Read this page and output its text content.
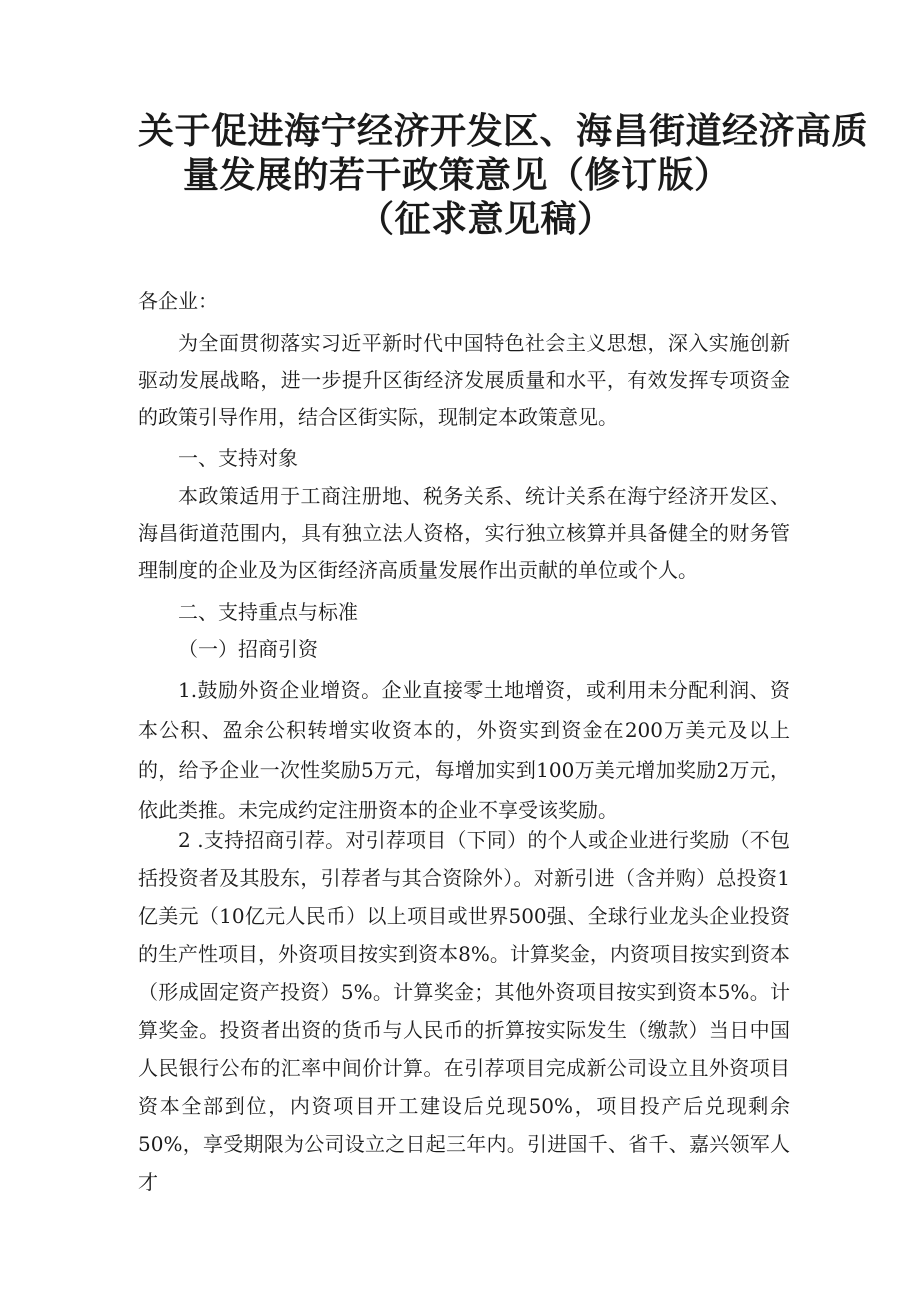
关于促进海宁经济开发区、海昌街道经济高质
量发展的若干政策意见（修订版）
（征求意见稿）

各企业：

为全面贯彻落实习近平新时代中国特色社会主义思想，深入实施创新驱动发展战略，进一步提升区街经济发展质量和水平，有效发挥专项资金的政策引导作用，结合区街实际，现制定本政策意见。

一、支持对象

本政策适用于工商注册地、税务关系、统计关系在海宁经济开发区、海昌街道范围内，具有独立法人资格，实行独立核算并具备健全的财务管理制度的企业及为区街经济高质量发展作出贡献的单位或个人。

二、支持重点与标准

（一）招商引资

1.鼓励外资企业增资。企业直接零土地增资，或利用未分配利润、资本公积、盈余公积转增实收资本的，外资实到资金在200万美元及以上的，给予企业一次性奖励5万元，每增加实到100万美元增加奖励2万元，依此类推。未完成约定注册资本的企业不享受该奖励。

2 .支持招商引荐。对引荐项目（下同）的个人或企业进行奖励（不包括投资者及其股东，引荐者与其合资除外）。对新引进（含并购）总投资1亿美元（10亿元人民币）以上项目或世界500强、全球行业龙头企业投资的生产性项目，外资项目按实到资本8%。计算奖金，内资项目按实到资本（形成固定资产投资）5%。计算奖金；其他外资项目按实到资本5%。计算奖金。投资者出资的货币与人民币的折算按实际发生（缴款）当日中国人民银行公布的汇率中间价计算。在引荐项目完成新公司设立且外资项目资本全部到位，内资项目开工建设后兑现50%，项目投产后兑现剩余50%，享受期限为公司设立之日起三年内。引进国千、省千、嘉兴领军人才
